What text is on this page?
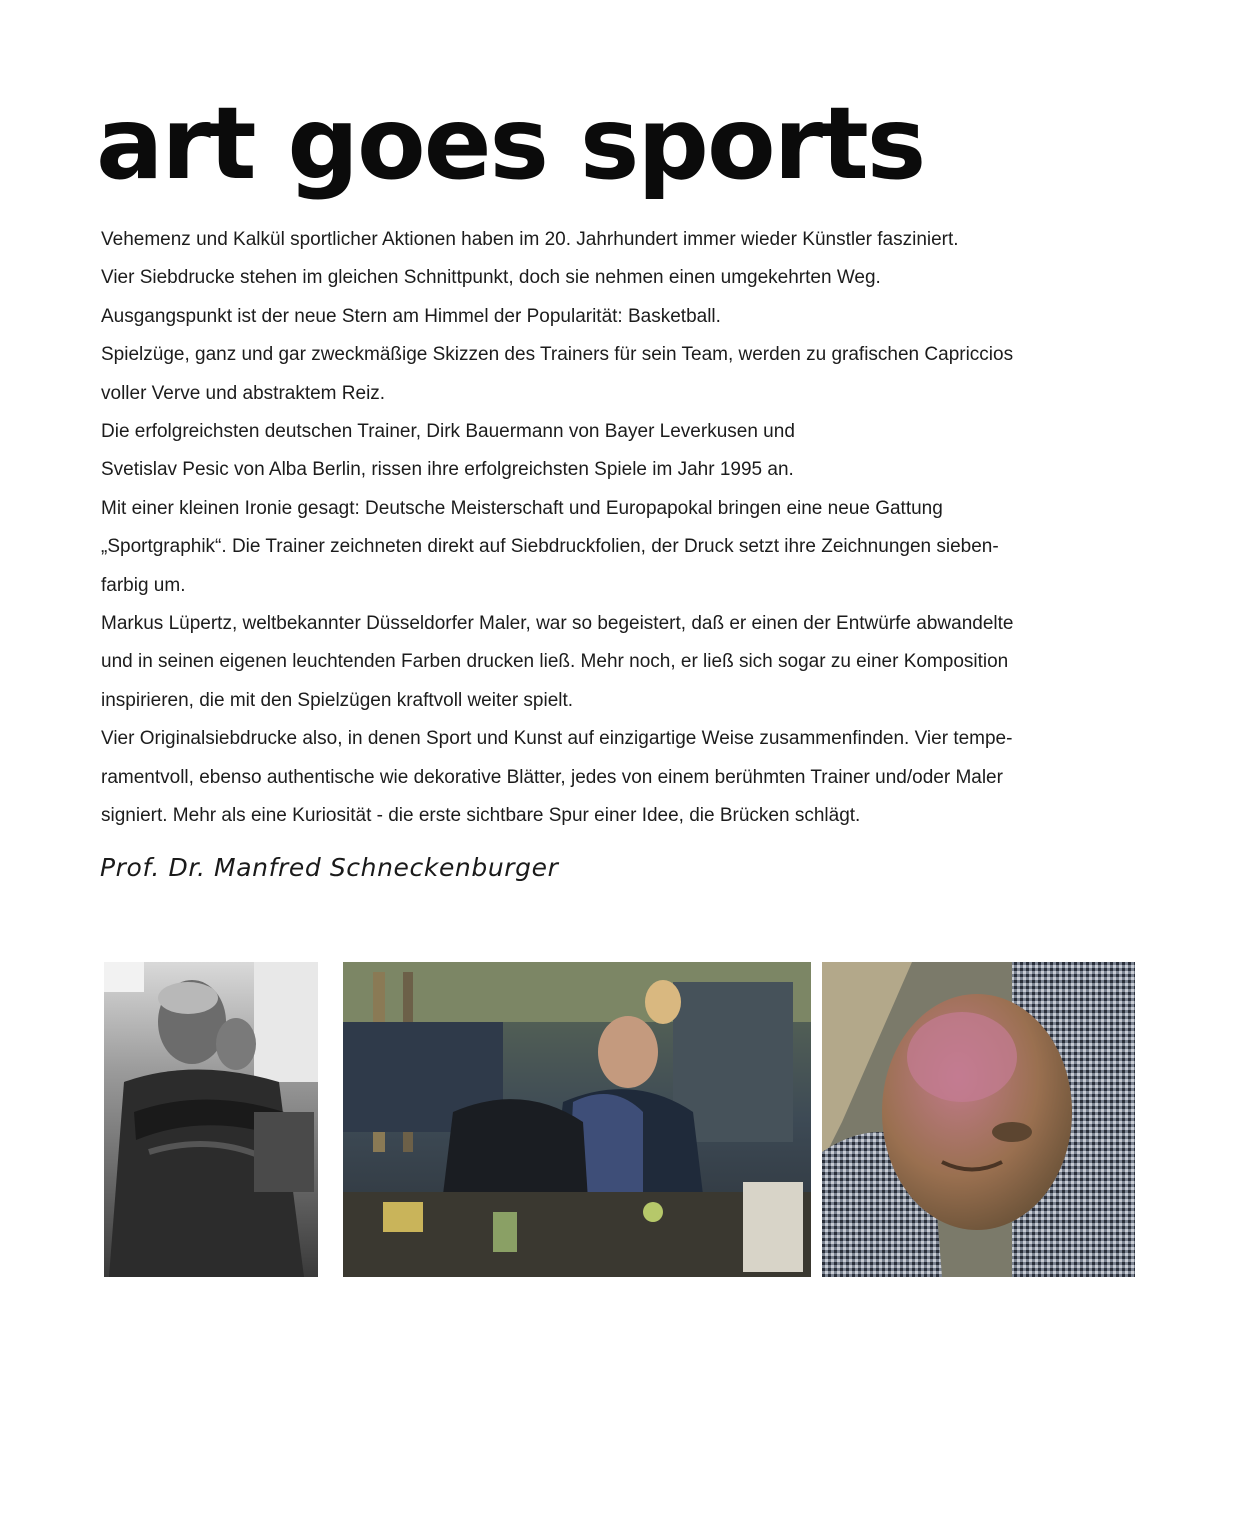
art goes sports
Vehemenz und Kalkül sportlicher Aktionen haben im 20. Jahrhundert immer wieder Künstler fasziniert.
Vier Siebdrucke stehen im gleichen Schnittpunkt, doch sie nehmen einen umgekehrten Weg.
Ausgangspunkt ist der neue Stern am Himmel der Popularität: Basketball.
Spielzüge, ganz und gar zweckmäßige Skizzen des Trainers für sein Team, werden zu grafischen Capriccios
voller Verve und abstraktem Reiz.
Die erfolgreichsten deutschen Trainer, Dirk Bauermann von Bayer Leverkusen und
Svetislav Pesic von Alba Berlin, rissen ihre erfolgreichsten Spiele im Jahr 1995 an.
Mit einer kleinen Ironie gesagt: Deutsche Meisterschaft und Europapokal bringen eine neue Gattung
„Sportgraphik“. Die Trainer zeichneten direkt auf Siebdruckfolien, der Druck setzt ihre Zeichnungen sieben-
farbig um.
Markus Lüpertz, weltbekannter Düsseldorfer Maler, war so begeistert, daß er einen der Entwürfe abwandelte
und in seinen eigenen leuchtenden Farben drucken ließ. Mehr noch, er ließ sich sogar zu einer Komposition
inspirieren, die mit den Spielzügen kraftvoll weiter spielt.
Vier Originalsiebdrucke also, in denen Sport und Kunst auf einzigartige Weise zusammenfinden. Vier tempe-
ramentvoll, ebenso authentische wie dekorative Blätter, jedes von einem berühmten Trainer und/oder Maler
signiert. Mehr als eine Kuriosität - die erste sichtbare Spur einer Idee, die Brücken schlägt.
Prof. Dr. Manfred Schneckenburger
